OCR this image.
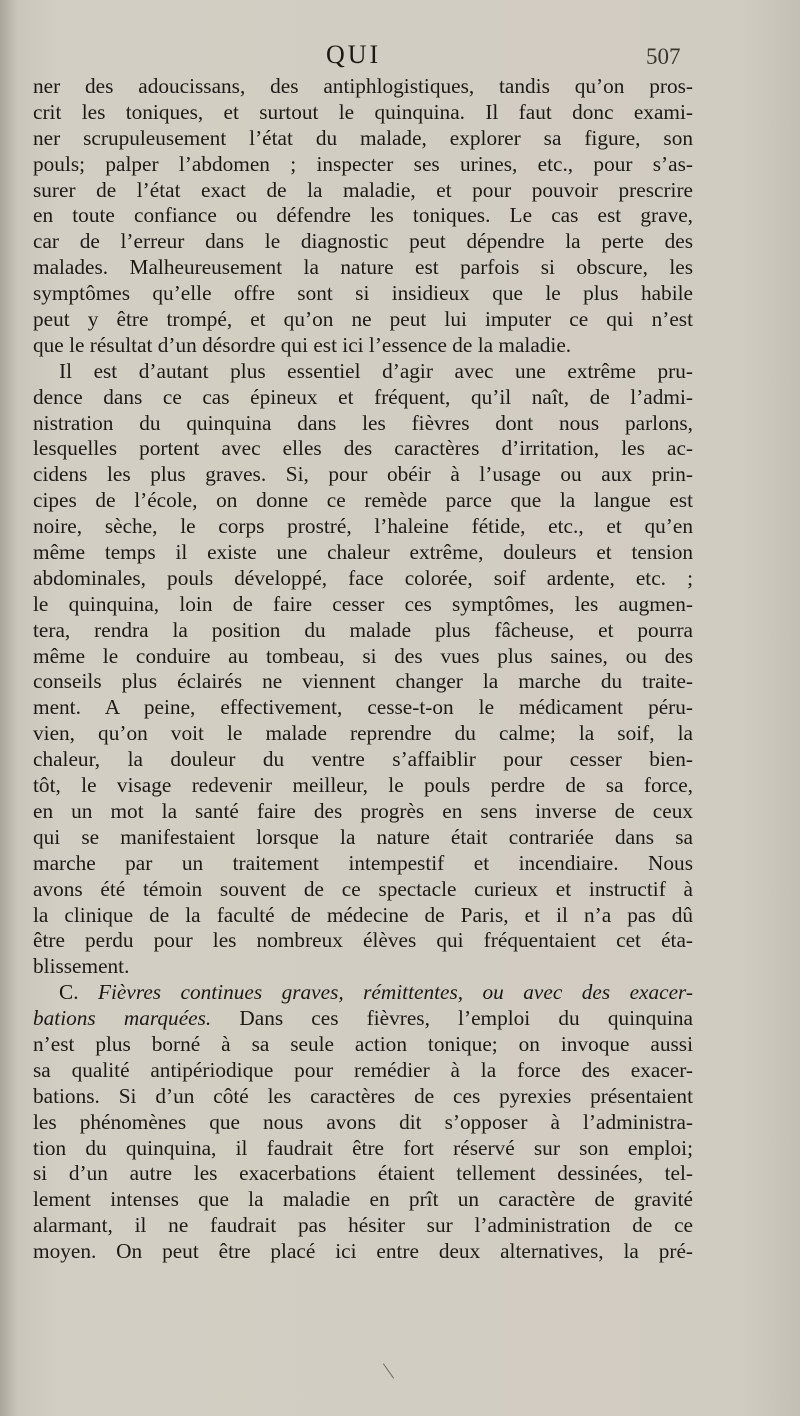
QUI	507
ner des adoucissans, des antiphlogistiques, tandis qu’on pros-
crit les toniques, et surtout le quinquina. Il faut donc exami-
ner scrupuleusement l’état du malade, explorer sa figure, son
pouls; palper l’abdomen ; inspecter ses urines, etc., pour s’as-
surer de l’état exact de la maladie, et pour pouvoir prescrire
en toute confiance ou défendre les toniques. Le cas est grave,
car de l’erreur dans le diagnostic peut dépendre la perte des
malades. Malheureusement la nature est parfois si obscure, les
symptômes qu’elle offre sont si insidieux que le plus habile
peut y être trompé, et qu’on ne peut lui imputer ce qui n’est
que le résultat d’un désordre qui est ici l’essence de la maladie.
Il est d’autant plus essentiel d’agir avec une extrême pru-
dence dans ce cas épineux et fréquent, qu’il naît, de l’admi-
nistration du quinquina dans les fièvres dont nous parlons,
lesquelles portent avec elles des caractères d’irritation, les ac-
cidens les plus graves. Si, pour obéir à l’usage ou aux prin-
cipes de l’école, on donne ce remède parce que la langue est
noire, sèche, le corps prostré, l’haleine fétide, etc., et qu’en
même temps il existe une chaleur extrême, douleurs et tension
abdominales, pouls développé, face colorée, soif ardente, etc. ;
le quinquina, loin de faire cesser ces symptômes, les augmen-
tera, rendra la position du malade plus fâcheuse, et pourra
même le conduire au tombeau, si des vues plus saines, ou des
conseils plus éclairés ne viennent changer la marche du traite-
ment. A peine, effectivement, cesse-t-on le médicament péru-
vien, qu’on voit le malade reprendre du calme; la soif, la
chaleur, la douleur du ventre s’affaiblir pour cesser bien-
tôt, le visage redevenir meilleur, le pouls perdre de sa force,
en un mot la santé faire des progrès en sens inverse de ceux
qui se manifestaient lorsque la nature était contrariée dans sa
marche par un traitement intempestif et incendiaire. Nous
avons été témoin souvent de ce spectacle curieux et instructif à
la clinique de la faculté de médecine de Paris, et il n’a pas dû
être perdu pour les nombreux élèves qui fréquentaient cet éta-
blissement.
C. Fièvres continues graves, rémittentes, ou avec des exacer-
bations marquées. Dans ces fièvres, l’emploi du quinquina
n’est plus borné à sa seule action tonique; on invoque aussi
sa qualité antipériodique pour remédier à la force des exacer-
bations. Si d’un côté les caractères de ces pyrexies présentaient
les phénomènes que nous avons dit s’opposer à l’administra-
tion du quinquina, il faudrait être fort réservé sur son emploi;
si d’un autre les exacerbations étaient tellement dessinées, tel-
lement intenses que la maladie en prît un caractère de gravité
alarmant, il ne faudrait pas hésiter sur l’administration de ce
moyen. On peut être placé ici entre deux alternatives, la pré-
